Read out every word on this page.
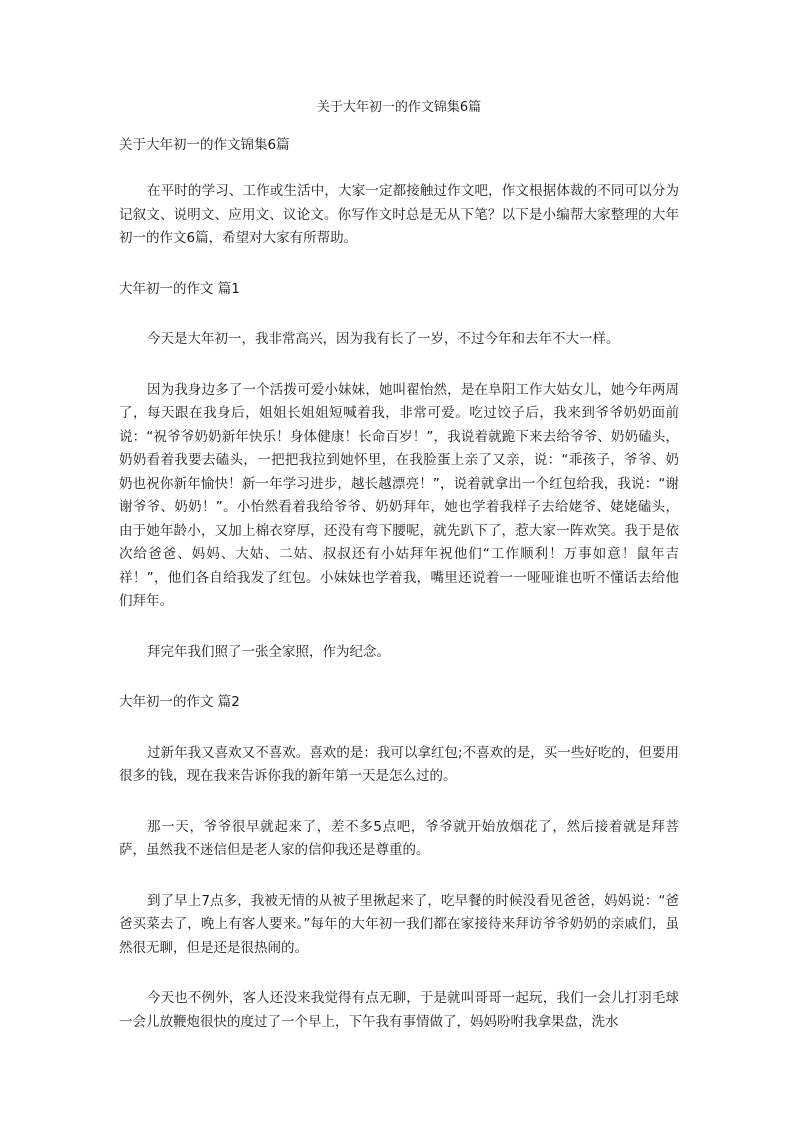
关于大年初一的作文锦集6篇
关于大年初一的作文锦集6篇

在平时的学习、工作或生活中，大家一定都接触过作文吧，作文根据体裁的不同可以分为记叙文、说明文、应用文、议论文。你写作文时总是无从下笔？以下是小编帮大家整理的大年初一的作文6篇，希望对大家有所帮助。

大年初一的作文 篇1

今天是大年初一，我非常高兴，因为我有长了一岁，不过今年和去年不大一样。

因为我身边多了一个活拨可爱小妹妹，她叫翟怡然，是在阜阳工作大姑女儿，她今年两周了，每天跟在我身后，姐姐长姐姐短喊着我，非常可爱。吃过饺子后，我来到爷爷奶奶面前说：“祝爷爷奶奶新年快乐！身体健康！长命百岁！”，我说着就跪下来去给爷爷、奶奶磕头，奶奶看着我要去磕头，一把把我拉到她怀里，在我脸蛋上亲了又亲，说：“乖孩子，爷爷、奶奶也祝你新年愉快！新一年学习进步，越长越漂亮！”，说着就拿出一个红包给我，我说：“谢谢爷爷、奶奶！”。小怡然看着我给爷爷、奶奶拜年，她也学着我样子去给姥爷、姥姥磕头，由于她年龄小，又加上棉衣穿厚，还没有弯下腰呢，就先趴下了，惹大家一阵欢笑。我于是依次给爸爸、妈妈、大姑、二姑、叔叔还有小姑拜年祝他们“工作顺利！万事如意！鼠年吉祥！”，他们各自给我发了红包。小妹妹也学着我，嘴里还说着一一哑哑谁也听不懂话去给他们拜年。

拜完年我们照了一张全家照，作为纪念。

大年初一的作文 篇2

过新年我又喜欢又不喜欢。喜欢的是：我可以拿红包;不喜欢的是，买一些好吃的，但要用很多的钱，现在我来告诉你我的新年第一天是怎么过的。

那一天，爷爷很早就起来了，差不多5点吧，爷爷就开始放烟花了，然后接着就是拜菩萨，虽然我不迷信但是老人家的信仰我还是尊重的。

到了早上7点多，我被无情的从被子里揪起来了，吃早餐的时候没看见爸爸，妈妈说：“爸爸买菜去了，晚上有客人要来。”每年的大年初一我们都在家接待来拜访爷爷奶奶的亲戚们，虽然很无聊，但是还是很热闹的。

今天也不例外，客人还没来我觉得有点无聊，于是就叫哥哥一起玩，我们一会儿打羽毛球一会儿放鞭炮很快的度过了一个早上，下午我有事情做了，妈妈吩咐我拿果盘，洗水
